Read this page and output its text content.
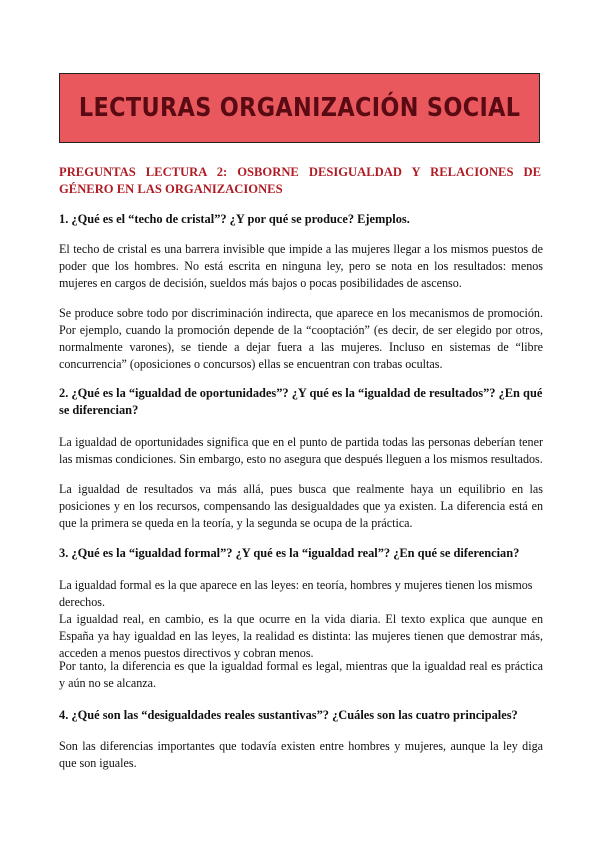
LECTURAS ORGANIZACIÓN SOCIAL
PREGUNTAS LECTURA 2: OSBORNE DESIGUALDAD Y RELACIONES DE GÉNERO EN LAS ORGANIZACIONES
1. ¿Qué es el “techo de cristal”? ¿Y por qué se produce? Ejemplos.
El techo de cristal es una barrera invisible que impide a las mujeres llegar a los mismos puestos de poder que los hombres. No está escrita en ninguna ley, pero se nota en los resultados: menos mujeres en cargos de decisión, sueldos más bajos o pocas posibilidades de ascenso.
Se produce sobre todo por discriminación indirecta, que aparece en los mecanismos de promoción. Por ejemplo, cuando la promoción depende de la “cooptación” (es decir, de ser elegido por otros, normalmente varones), se tiende a dejar fuera a las mujeres. Incluso en sistemas de “libre concurrencia” (oposiciones o concursos) ellas se encuentran con trabas ocultas.
2. ¿Qué es la “igualdad de oportunidades”? ¿Y qué es la “igualdad de resultados”? ¿En qué se diferencian?
La igualdad de oportunidades significa que en el punto de partida todas las personas deberían tener las mismas condiciones. Sin embargo, esto no asegura que después lleguen a los mismos resultados.
La igualdad de resultados va más allá, pues busca que realmente haya un equilibrio en las posiciones y en los recursos, compensando las desigualdades que ya existen. La diferencia está en que la primera se queda en la teoría, y la segunda se ocupa de la práctica.
3. ¿Qué es la “igualdad formal”? ¿Y qué es la “igualdad real”? ¿En qué se diferencian?
La igualdad formal es la que aparece en las leyes: en teoría, hombres y mujeres tienen los mismos derechos.
La igualdad real, en cambio, es la que ocurre en la vida diaria. El texto explica que aunque en España ya hay igualdad en las leyes, la realidad es distinta: las mujeres tienen que demostrar más, acceden a menos puestos directivos y cobran menos.
Por tanto, la diferencia es que la igualdad formal es legal, mientras que la igualdad real es práctica y aún no se alcanza.
4. ¿Qué son las “desigualdades reales sustantivas”? ¿Cuáles son las cuatro principales?
Son las diferencias importantes que todavía existen entre hombres y mujeres, aunque la ley diga que son iguales.
